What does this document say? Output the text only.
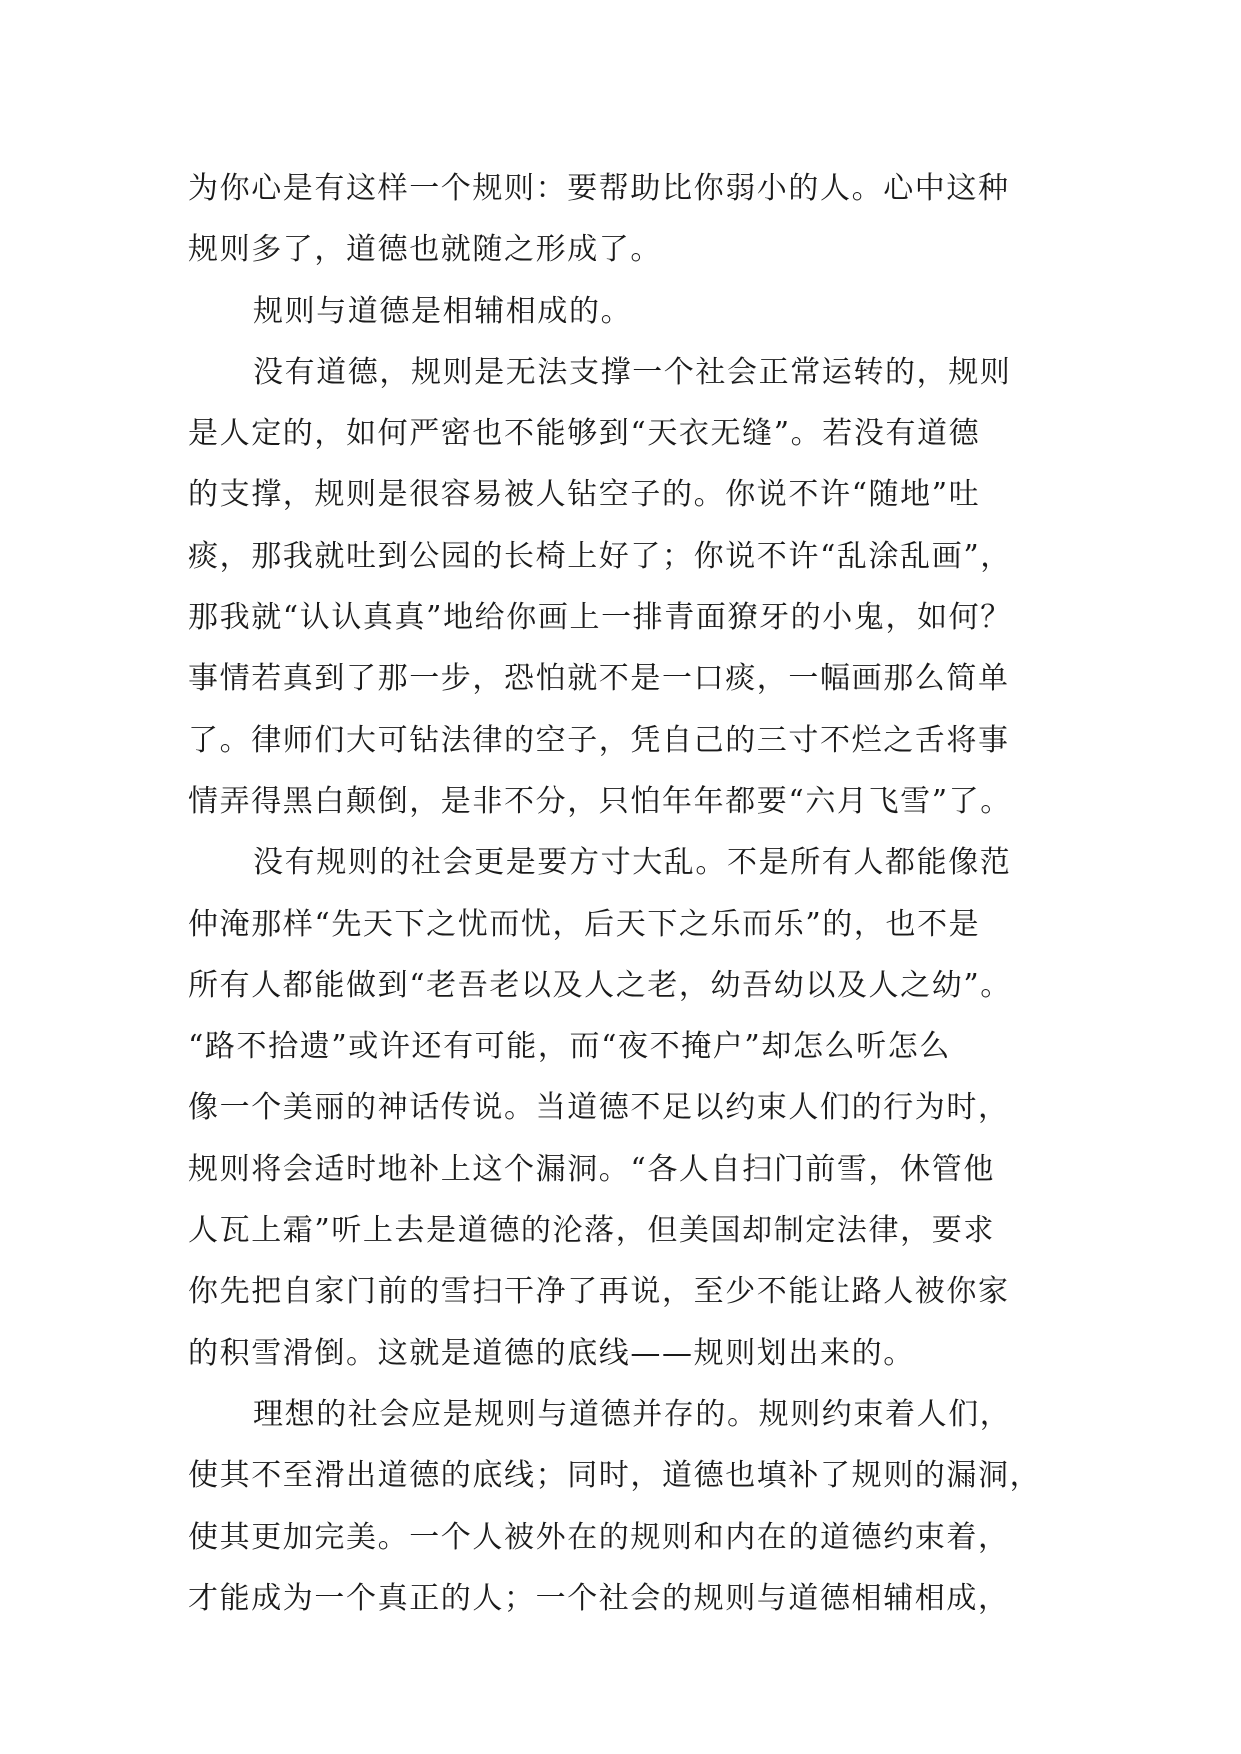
为你心是有这样一个规则：要帮助比你弱小的人。心中这种
规则多了，道德也就随之形成了。
规则与道德是相辅相成的。
没有道德，规则是无法支撑一个社会正常运转的，规则
是人定的，如何严密也不能够到“天衣无缝”。若没有道德
的支撑，规则是很容易被人钻空子的。你说不许“随地”吐
痰，那我就吐到公园的长椅上好了；你说不许“乱涂乱画”，
那我就“认认真真”地给你画上一排青面獠牙的小鬼，如何？
事情若真到了那一步，恐怕就不是一口痰，一幅画那么简单
了。律师们大可钻法律的空子，凭自己的三寸不烂之舌将事
情弄得黑白颠倒，是非不分，只怕年年都要“六月飞雪”了。
没有规则的社会更是要方寸大乱。不是所有人都能像范
仲淹那样“先天下之忧而忧，后天下之乐而乐”的，也不是
所有人都能做到“老吾老以及人之老，幼吾幼以及人之幼”。
“路不拾遗”或许还有可能，而“夜不掩户”却怎么听怎么
像一个美丽的神话传说。当道德不足以约束人们的行为时，
规则将会适时地补上这个漏洞。“各人自扫门前雪，休管他
人瓦上霜”听上去是道德的沦落，但美国却制定法律，要求
你先把自家门前的雪扫干净了再说，至少不能让路人被你家
的积雪滑倒。这就是道德的底线——规则划出来的。
理想的社会应是规则与道德并存的。规则约束着人们，
使其不至滑出道德的底线；同时，道德也填补了规则的漏洞，
使其更加完美。一个人被外在的规则和内在的道德约束着，
才能成为一个真正的人；一个社会的规则与道德相辅相成，
